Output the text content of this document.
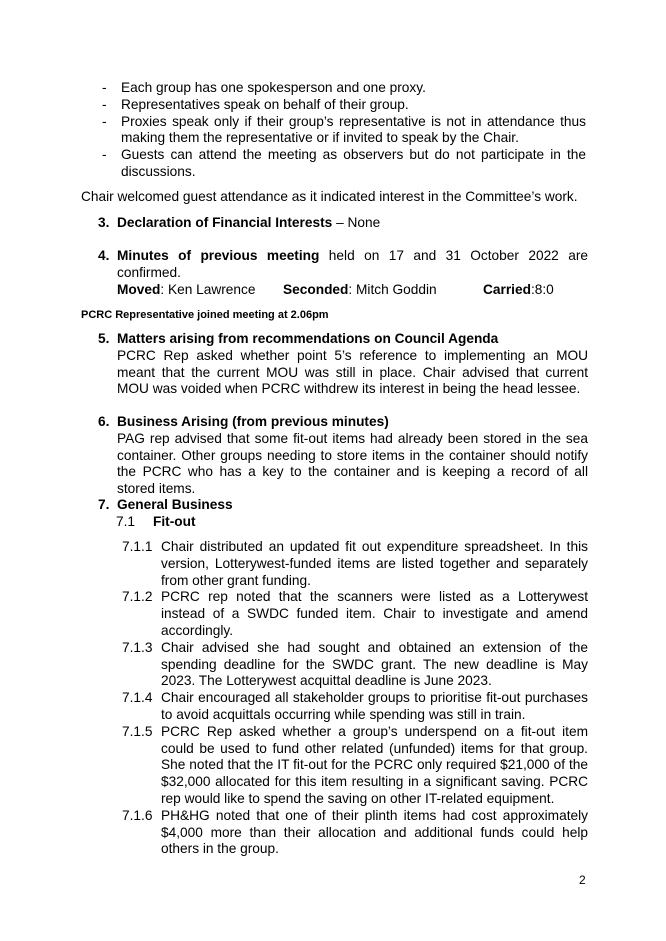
-	Each group has one spokesperson and one proxy.
-	Representatives speak on behalf of their group.
-	Proxies speak only if their group’s representative is not in attendance thus making them the representative or if invited to speak by the Chair.
-	Guests can attend the meeting as observers but do not participate in the discussions.
Chair welcomed guest attendance as it indicated interest in the Committee’s work.
3. Declaration of Financial Interests – None
4. Minutes of previous meeting held on 17 and 31 October 2022 are confirmed.
Moved: Ken Lawrence	Seconded: Mitch Goddin	Carried:8:0
PCRC Representative joined meeting at 2.06pm
5. Matters arising from recommendations on Council Agenda
PCRC Rep asked whether point 5’s reference to implementing an MOU meant that the current MOU was still in place. Chair advised that current MOU was voided when PCRC withdrew its interest in being the head lessee.
6. Business Arising (from previous minutes)
PAG rep advised that some fit-out items had already been stored in the sea container. Other groups needing to store items in the container should notify the PCRC who has a key to the container and is keeping a record of all stored items.
7. General Business
7.1	Fit-out
7.1.1 Chair distributed an updated fit out expenditure spreadsheet. In this version, Lotterywest-funded items are listed together and separately from other grant funding.
7.1.2 PCRC rep noted that the scanners were listed as a Lotterywest instead of a SWDC funded item. Chair to investigate and amend accordingly.
7.1.3 Chair advised she had sought and obtained an extension of the spending deadline for the SWDC grant. The new deadline is May 2023. The Lotterywest acquittal deadline is June 2023.
7.1.4 Chair encouraged all stakeholder groups to prioritise fit-out purchases to avoid acquittals occurring while spending was still in train.
7.1.5 PCRC Rep asked whether a group’s underspend on a fit-out item could be used to fund other related (unfunded) items for that group. She noted that the IT fit-out for the PCRC only required $21,000 of the $32,000 allocated for this item resulting in a significant saving. PCRC rep would like to spend the saving on other IT-related equipment.
7.1.6 PH&HG noted that one of their plinth items had cost approximately $4,000 more than their allocation and additional funds could help others in the group.
2
